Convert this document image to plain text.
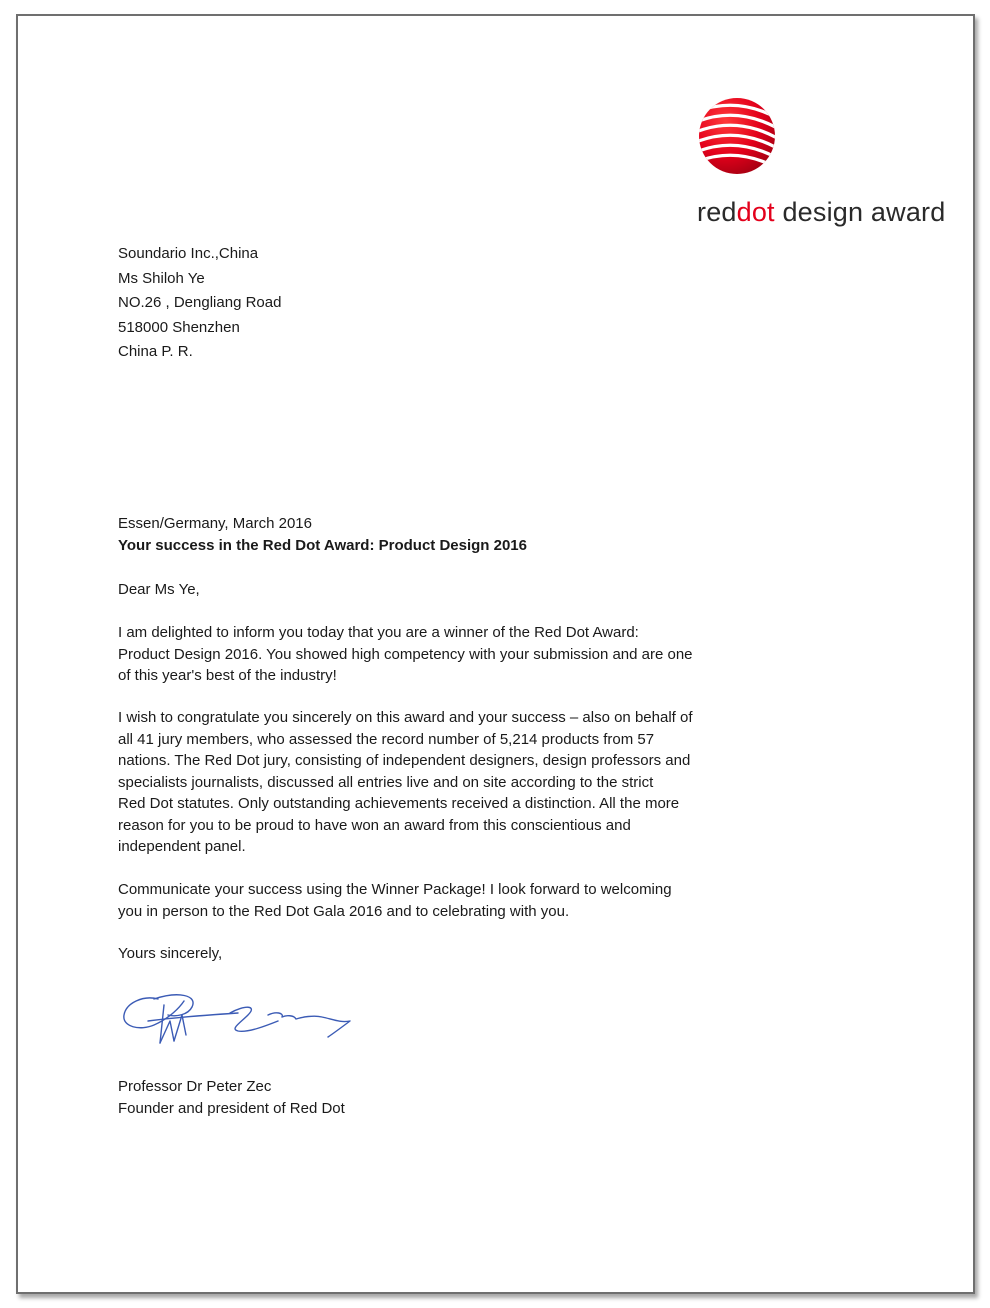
reddot design award
Soundario Inc.,China
Ms Shiloh Ye
NO.26 , Dengliang Road
518000 Shenzhen
China P. R.
Essen/Germany, March 2016
Your success in the Red Dot Award: Product Design 2016
Dear Ms Ye,
I am delighted to inform you today that you are a winner of the Red Dot Award:
Product Design 2016. You showed high competency with your submission and are one
of this year's best of the industry!
I wish to congratulate you sincerely on this award and your success – also on behalf of
all 41 jury members, who assessed the record number of 5,214 products from 57
nations. The Red Dot jury, consisting of independent designers, design professors and
specialists journalists, discussed all entries live and on site according to the strict
Red Dot statutes. Only outstanding achievements received a distinction. All the more
reason for you to be proud to have won an award from this conscientious and
independent panel.
Communicate your success using the Winner Package! I look forward to welcoming
you in person to the Red Dot Gala 2016 and to celebrating with you.
Yours sincerely,
Professor Dr Peter Zec
Founder and president of Red Dot
